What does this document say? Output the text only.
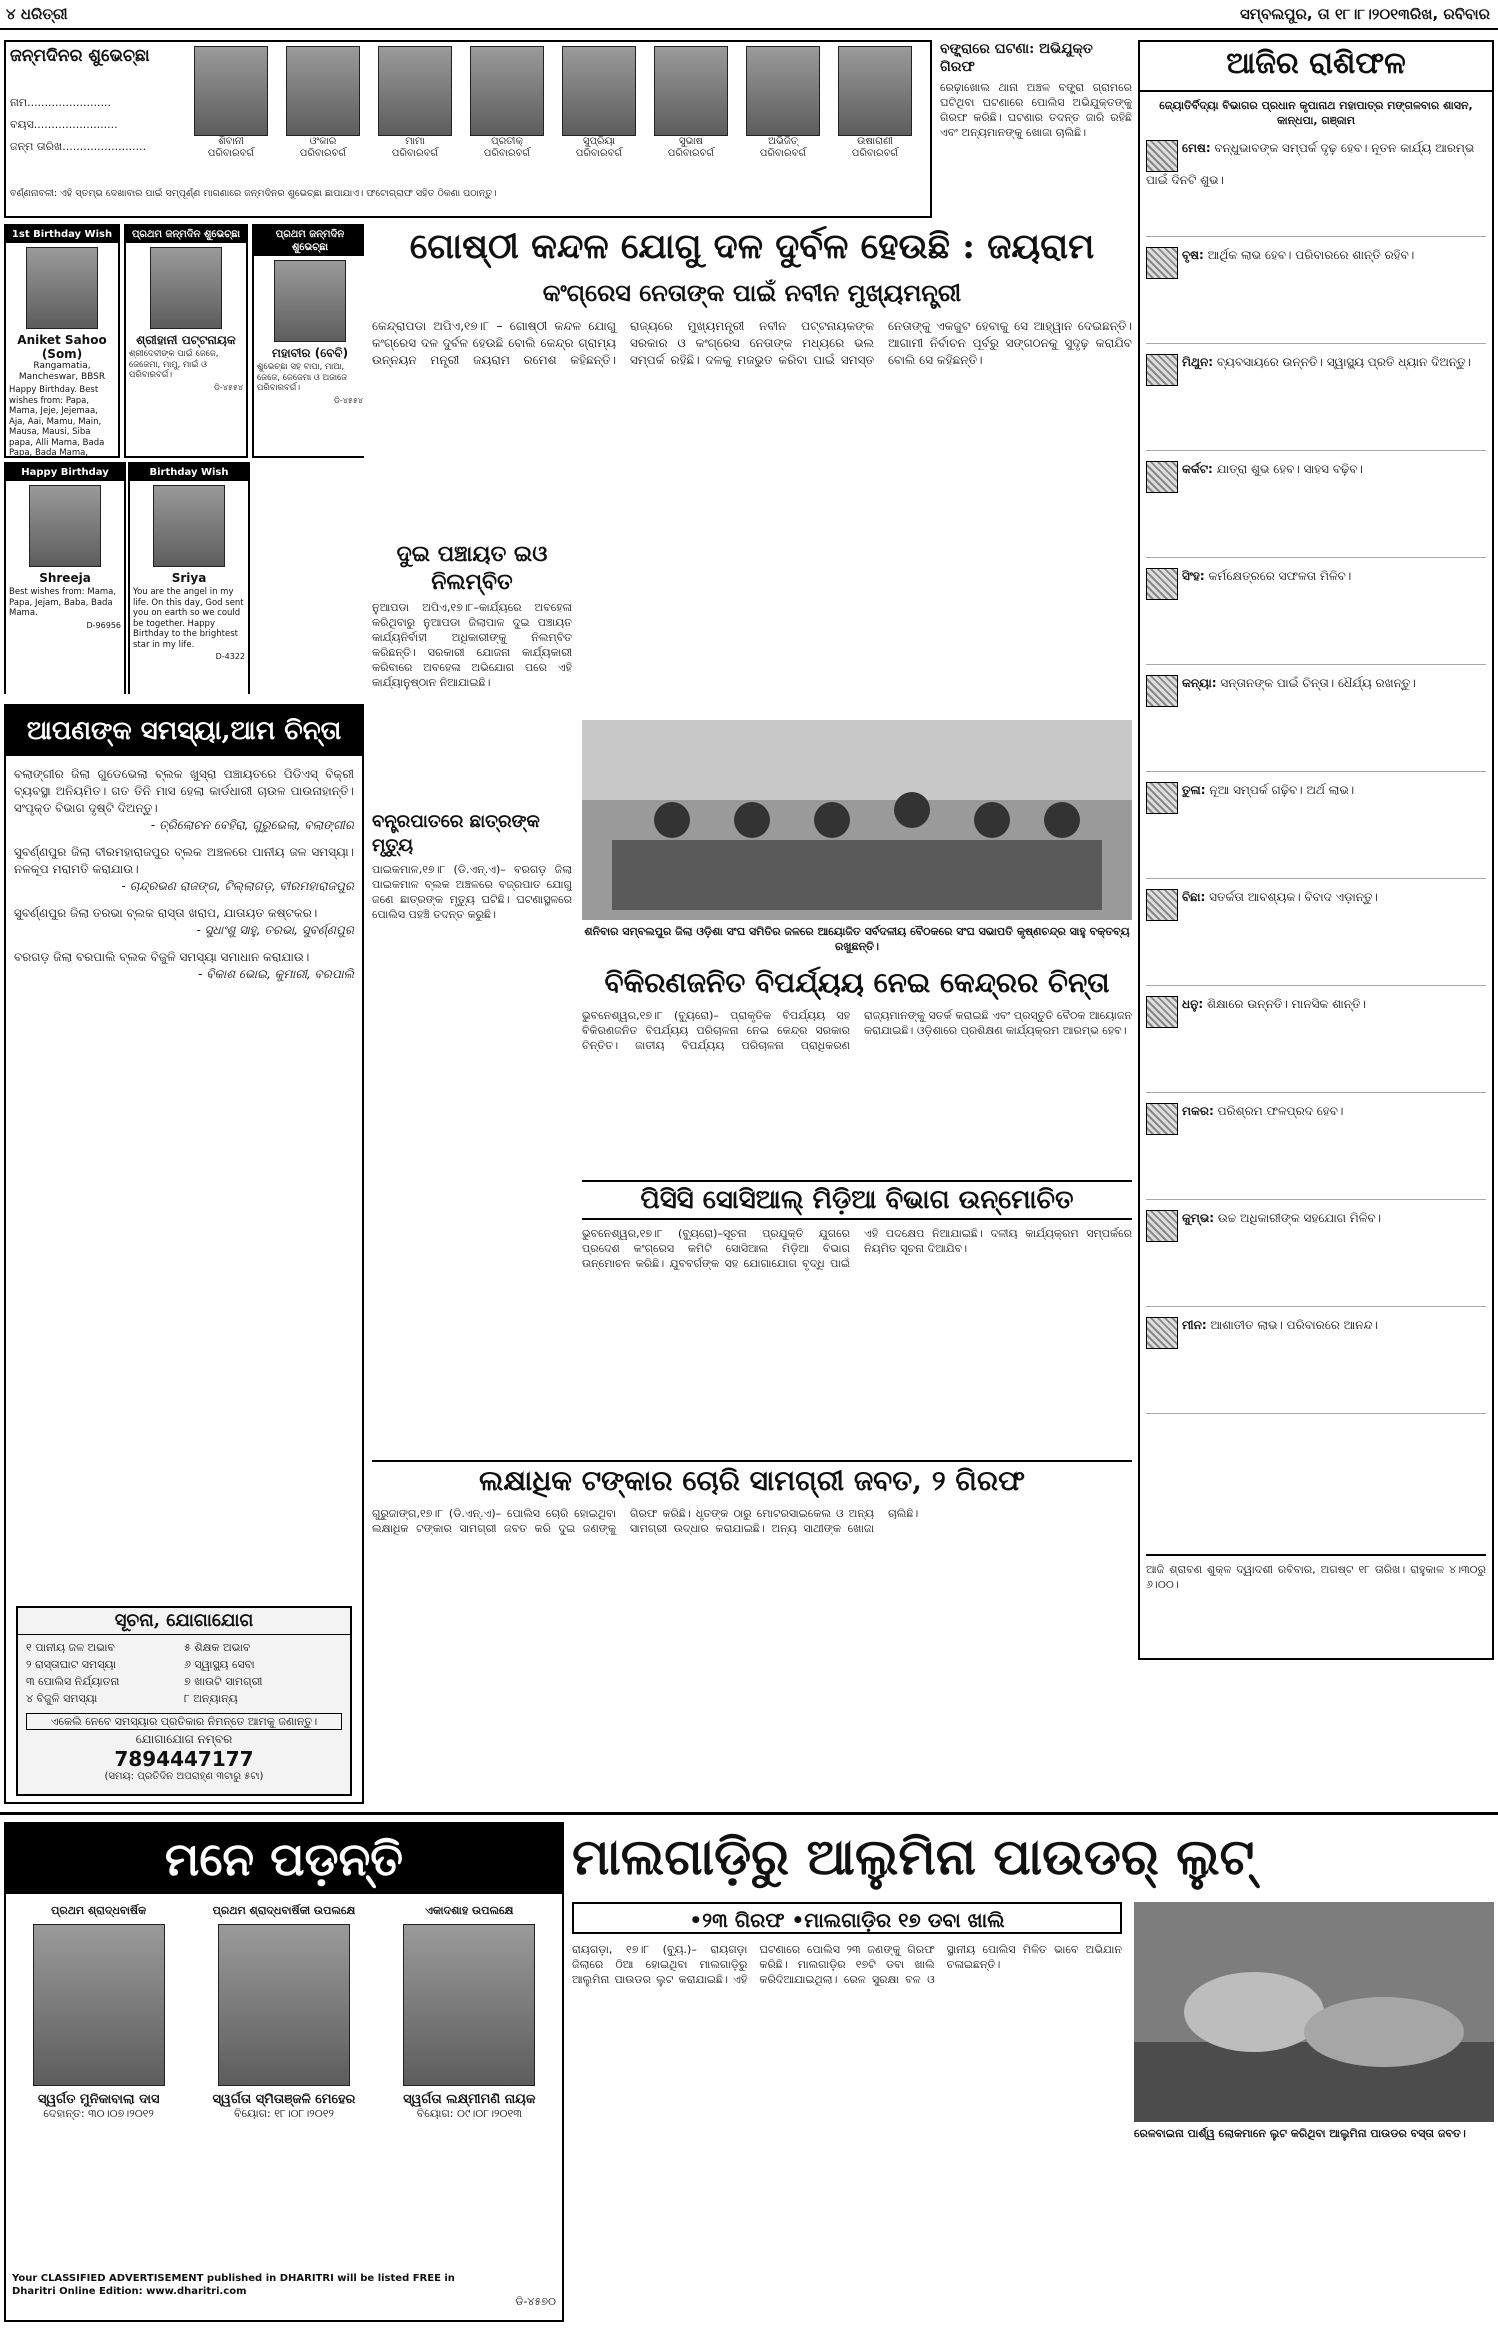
୪ ଧରିତ୍ରୀ	ସମ୍ବଲପୁର, ତା ୧୮।୮।୨୦୧୩ରିଖ, ରବିବାର
ଜନ୍ମଦିନର ଶୁଭେଚ୍ଛା
ନାମ........................
ବୟସ........................
ଜନ୍ମ ତାରିଖ........................	ଶିବାନୀ
ପରିବାରବର୍ଗ
ଓଂକାର
ପରିବାରବର୍ଗ
ମାମା
ପରିବାରବର୍ଗ
ପ୍ରତୀକ୍
ପରିବାରବର୍ଗ
ସୁପ୍ରିୟା
ପରିବାରବର୍ଗ
ସୁଭାଷ
ପରିବାରବର୍ଗ
ଅଭିଜିତ୍
ପରିବାରବର୍ଗ
ଉଷାରାଣୀ
ପରିବାରବର୍ଗ
ବର୍ଣ୍ଣନାବଳୀ: ଏହି ସ୍ତମ୍ଭ ଦେଖାବାର ପାଇଁ ସମ୍ପୂର୍ଣ୍ଣ ମାଗଣାରେ ଜନ୍ମଦିନର ଶୁଭେଚ୍ଛା ଛାପାଯାଏ। ଫଟୋଗ୍ରାଫ ସହିତ ଠିକଣା ପଠାନ୍ତୁ।
ବଙ୍କ୍ରାରେ ଘଟଣା: ଅଭିଯୁକ୍ତ ଗିରଫ
ରେଢ଼ାଖୋଲ ଥାନା ଅଞ୍ଚଳ ବଙ୍କ୍ରା ଗ୍ରାମରେ ଘଟିଥିବା ଘଟଣାରେ ପୋଲିସ ଅଭିଯୁକ୍ତଙ୍କୁ ଗିରଫ କରିଛି। ଘଟଣାର ତଦନ୍ତ ଜାରି ରହିଛି ଏବଂ ଅନ୍ୟମାନଙ୍କୁ ଖୋଜା ଚାଲିଛି।
ଆଜିର ରାଶିଫଳ
ଜ୍ୟୋତିର୍ବିଦ୍ୟା ବିଭାଗର ପ୍ରଧାନ କୃପାନାଥ ମହାପାତ୍ର ମଙ୍ଗଳବାର ଶାସନ, କାନ୍ଧପା, ଗଞ୍ଜାମ
ମେଷ: ବନ୍ଧୁଭାବଙ୍କ ସମ୍ପର୍କ ଦୃଢ଼ ହେବ। ନୂତନ କାର୍ଯ୍ୟ ଆରମ୍ଭ ପାଇଁ ଦିନଟି ଶୁଭ।
ବୃଷ: ଆର୍ଥିକ ଲାଭ ହେବ। ପରିବାରରେ ଶାନ୍ତି ରହିବ।
ମିଥୁନ: ବ୍ୟବସାୟରେ ଉନ୍ନତି। ସ୍ୱାସ୍ଥ୍ୟ ପ୍ରତି ଧ୍ୟାନ ଦିଅନ୍ତୁ।
କର୍କଟ: ଯାତ୍ରା ଶୁଭ ହେବ। ସାହସ ବଢ଼ିବ।
ସିଂହ: କର୍ମକ୍ଷେତ୍ରରେ ସଫଳତା ମିଳିବ।
କନ୍ୟା: ସନ୍ତାନଙ୍କ ପାଇଁ ଚିନ୍ତା। ଧୈର୍ଯ୍ୟ ରଖନ୍ତୁ।
ତୁଳା: ନୂଆ ସମ୍ପର୍କ ଗଢ଼ିବ। ଅର୍ଥ ଲାଭ।
ବିଛା: ସତର୍କତା ଆବଶ୍ୟକ। ବିବାଦ ଏଡ଼ାନ୍ତୁ।
ଧନୁ: ଶିକ୍ଷାରେ ଉନ୍ନତି। ମାନସିକ ଶାନ୍ତି।
ମକର: ପରିଶ୍ରମ ଫଳପ୍ରଦ ହେବ।
କୁମ୍ଭ: ଉଚ୍ଚ ଅଧିକାରୀଙ୍କ ସହଯୋଗ ମିଳିବ।
ମୀନ: ଆଶାତୀତ ଲାଭ। ପରିବାରରେ ଆନନ୍ଦ।
ଆଜି ଶ୍ରାବଣ ଶୁକ୍ଳ ଦ୍ୱାଦଶୀ ରବିବାର, ଅଗଷ୍ଟ ୧୮ ତାରିଖ। ରାହୁକାଳ ୪।୩୦ରୁ ୬।୦୦।
1st Birthday Wish
Aniket Sahoo (Som)
Rangamatia, Mancheswar, BBSR
Happy Birthday. Best wishes from: Papa, Mama, Jeje, Jejemaa, Aja, Aai, Mamu, Main, Mausa, Mausi, Siba papa, Alli Mama, Bada Papa, Bada Mama,
ପ୍ରଥମ ଜନ୍ମଦିନ ଶୁଭେଚ୍ଛା
ଶ୍ରୀହାନୀ ପଟ୍ଟନାୟକ
ଶ୍ରୀଦେବୀଙ୍କ ପାଇଁ ଜେଜେ, ଜେଜେମା, ମାମୁ, ମାଇଁ ଓ ପରିବାରବର୍ଗ।
ଡି-୪୫୫୪
ପ୍ରଥମ ଜନ୍ମଦିନ ଶୁଭେଚ୍ଛା
ମହାବୀର (ବେବି)
ଶୁଭେଚ୍ଛା ସହ ବାପା, ମାଆ, ଜେଜେ, ଜେଜେମା ଓ ଅଜାଜେ ପରିବାରବର୍ଗ।
ଡି-୪୫୫୪
Happy Birthday
Shreeja
Best wishes from: Mama, Papa, Jejam, Baba, Bada Mama.
D-96956
Birthday Wish
Sriya
You are the angel in my life. On this day, God sent you on earth so we could be together. Happy Birthday to the brightest star in my life.
D-4322
ଆପଣଙ୍କ ସମସ୍ୟା,ଆମ ଚିନ୍ତା
ବଲାଙ୍ଗୀର ଜିଲା ଗୁଡେଭେଲା ବ୍ଲକ ଖୁସ୍ରା ପଞ୍ଚାୟତରେ ପିଡିଏସ୍ ବିକ୍ରୀ ବ୍ୟବସ୍ଥା ଅନିୟମିତ। ଗତ ତିନି ମାସ ହେଲା କାର୍ଡଧାରୀ ଚାଉଳ ପାଉନାହାନ୍ତି। ସଂପୃକ୍ତ ବିଭାଗ ଦୃଷ୍ଟି ଦିଅନ୍ତୁ।
- ତ୍ରିଲୋଚନ ବେହିରା, ଗୁରୁଭେଲା, ବଲାଙ୍ଗୀର
ସୁବର୍ଣ୍ଣପୁର ଜିଲା ବୀରମହାରାଜପୁର ବ୍ଲକ ଅଞ୍ଚଳରେ ପାନୀୟ ଜଳ ସମସ୍ୟା। ନଳକୂପ ମରାମତି କରାଯାଉ।
- ଚାନ୍ଦ୍ରଭଣ ରାଜଙ୍ଗ, ଟିଲ୍ଲାଗଡ଼, ବୀରମହାରାଜପୁର
ସୁବର୍ଣ୍ଣପୁର ଜିଲା ତରଭା ବ୍ଲକ ରାସ୍ତା ଖରାପ, ଯାତାୟତ କଷ୍ଟକର।
- ସୁଧାଂଶୁ ସାହୁ, ତରଭା, ସୁବର୍ଣ୍ଣପୁର
ବରଗଡ଼ ଜିଲା ବରପାଲି ବ୍ଲକ ବିଜୁଳି ସମସ୍ୟା ସମାଧାନ କରାଯାଉ।
- ବିକାଶ ଭୋଇ, କୁମାରୀ, ବରପାଲି
ସୂଚନା, ଯୋଗାଯୋଗ
୧ ପାନୀୟ ଜଳ ଅଭାବ	୫ ଶିକ୍ଷକ ଅଭାବ
୨ ରାସ୍ତାଘାଟ ସମସ୍ୟା	୬ ସ୍ୱାସ୍ଥ୍ୟ ସେବା
୩ ପୋଲିସ ନିର୍ଯ୍ୟାତନା	୭ ଖାଉଟି ସାମଗ୍ରୀ
୪ ବିଜୁଳି ସମସ୍ୟା	୮ ଅନ୍ୟାନ୍ୟ
ଏକେଲି ନେବେ ସମସ୍ୟାର ପ୍ରତିକାର ନିମନ୍ତେ ଆମକୁ ଜଣାନ୍ତୁ।
ଯୋଗାଯୋଗ ନମ୍ବର
7894447177
(ସମୟ: ପ୍ରତିଦିନ ଅପରାହ୍ଣ ୩ଟାରୁ ୫ଟା)
ଗୋଷ୍ଠୀ କନ୍ଦଳ ଯୋଗୁ ଦଳ ଦୁର୍ବଳ ହେଉଛି : ଜୟରାମ
କଂଗ୍ରେସ ନେତାଙ୍କ ପାଇଁ ନବୀନ ମୁଖ୍ୟମନ୍ତ୍ରୀ
କେନ୍ଦ୍ରାପଡା ଅପିଏ,୧୭।୮ – ଗୋଷ୍ଠୀ କନ୍ଦଳ ଯୋଗୁ କଂଗ୍ରେସ ଦଳ ଦୁର୍ବଳ ହେଉଛି ବୋଲି କେନ୍ଦ୍ର ଗ୍ରାମ୍ୟ ଉନ୍ନୟନ ମନ୍ତ୍ରୀ ଜୟରାମ ରମେଶ କହିଛନ୍ତି। ରାଜ୍ୟରେ ମୁଖ୍ୟମନ୍ତ୍ରୀ ନବୀନ ପଟ୍ଟନାୟକଙ୍କ ସରକାର ଓ କଂଗ୍ରେସ ନେତାଙ୍କ ମଧ୍ୟରେ ଭଲ ସମ୍ପର୍କ ରହିଛି। ଦଳକୁ ମଜଭୁତ କରିବା ପାଇଁ ସମସ୍ତ ନେତାଙ୍କୁ ଏକଜୁଟ ହେବାକୁ ସେ ଆହ୍ୱାନ ଦେଇଛନ୍ତି। ଆଗାମୀ ନିର୍ବାଚନ ପୂର୍ବରୁ ସଙ୍ଗଠନକୁ ସୁଦୃଢ଼ କରାଯିବ ବୋଲି ସେ କହିଛନ୍ତି।
ଦୁଇ ପଞ୍ଚାୟତ ଇଓ ନିଲମ୍ବିତ
ନୁଆପଡା ଅପିଏ,୧୭।୮–କାର୍ଯ୍ୟରେ ଅବହେଳା କରିଥିବାରୁ ନୁଆପଡା ଜିଲାପାଳ ଦୁଇ ପଞ୍ଚାୟତ କାର୍ଯ୍ୟନିର୍ବାହୀ ଅଧିକାରୀଙ୍କୁ ନିଲମ୍ବିତ କରିଛନ୍ତି। ସରକାରୀ ଯୋଜନା କାର୍ଯ୍ୟକାରୀ କରିବାରେ ଅବହେଳା ଅଭିଯୋଗ ପରେ ଏହି କାର୍ଯ୍ୟାନୁଷ୍ଠାନ ନିଆଯାଇଛି।
ଶନିବାର ସମ୍ବଲପୁର ଜିଲା ଓଡ଼ିଶା ସଂଘ ସମିତିର ଜଳରେ ଆୟୋଜିତ ସର୍ବଦଳୀୟ ବୈଠକରେ ସଂଘ ସଭାପତି କୃଷ୍ଣଚନ୍ଦ୍ର ସାହୁ ବକ୍ତବ୍ୟ ରଖୁଛନ୍ତି।
ବନ୍ତ୍ରପାତରେ ଛାତ୍ରଙ୍କ ମୃତ୍ୟୁ
ପାଇକମାଳ,୧୭।୮ (ଡି.ଏନ୍.ଏ)– ବରଗଡ଼ ଜିଲା ପାଇକମାଳ ବ୍ଲକ ଅଞ୍ଚଳରେ ବଜ୍ରପାତ ଯୋଗୁ ଜଣେ ଛାତ୍ରଙ୍କ ମୃତ୍ୟୁ ଘଟିଛି। ଘଟଣାସ୍ଥଳରେ ପୋଲିସ ପହଞ୍ଚି ତଦନ୍ତ କରୁଛି।
ବିକିରଣଜନିତ ବିପର୍ଯ୍ୟୟ ନେଇ କେନ୍ଦ୍ରର ଚିନ୍ତା
ଭୁବନେଶ୍ୱର,୧୭।୮ (ବ୍ୟୁରୋ)– ପ୍ରାକୃତିକ ବିପର୍ଯ୍ୟୟ ସହ ବିକିରଣଜନିତ ବିପର୍ଯ୍ୟୟ ପରିଚାଳନା ନେଇ କେନ୍ଦ୍ର ସରକାର ଚିନ୍ତିତ। ଜାତୀୟ ବିପର୍ଯ୍ୟୟ ପରିଚାଳନା ପ୍ରାଧିକରଣ ରାଜ୍ୟମାନଙ୍କୁ ସତର୍କ କରାଇଛି ଏବଂ ପ୍ରସ୍ତୁତି ବୈଠକ ଆୟୋଜନ କରାଯାଇଛି। ଓଡ଼ିଶାରେ ପ୍ରଶିକ୍ଷଣ କାର୍ଯ୍ୟକ୍ରମ ଆରମ୍ଭ ହେବ।
ପିସିସି ସୋସିଆଲ୍ ମିଡ଼ିଆ ବିଭାଗ ଉନ୍ମୋଚିତ
ଭୁବନେଶ୍ୱର,୧୭।୮ (ବ୍ୟୁରୋ)–ସୂଚନା ପ୍ରଯୁକ୍ତି ଯୁଗରେ ପ୍ରଦେଶ କଂଗ୍ରେସ କମିଟି ସୋସିଆଲ ମିଡ଼ିଆ ବିଭାଗ ଉନ୍ମୋଚନ କରିଛି। ଯୁବବର୍ଗଙ୍କ ସହ ଯୋଗାଯୋଗ ବୃଦ୍ଧି ପାଇଁ ଏହି ପଦକ୍ଷେପ ନିଆଯାଇଛି। ଦଳୀୟ କାର୍ଯ୍ୟକ୍ରମ ସମ୍ପର୍କରେ ନିୟମିତ ସୂଚନା ଦିଆଯିବ।
ଲକ୍ଷାଧିକ ଟଙ୍କାର ଚୋରି ସାମଗ୍ରୀ ଜବତ, ୨ ଗିରଫ
ଗୁରୁଜାଙ୍ଗ,୧୭।୮ (ଡି.ଏନ୍.ଏ)– ପୋଲିସ ଚୋରି ହୋଇଥିବା ଲକ୍ଷାଧିକ ଟଙ୍କାର ସାମଗ୍ରୀ ଜବତ କରି ଦୁଇ ଜଣଙ୍କୁ ଗିରଫ କରିଛି। ଧୃତଙ୍କ ଠାରୁ ମୋଟରସାଇକେଲ ଓ ଅନ୍ୟ ସାମଗ୍ରୀ ଉଦ୍ଧାର କରାଯାଇଛି। ଅନ୍ୟ ସାଥୀଙ୍କ ଖୋଜା ଚାଲିଛି।
ମନେ ପଡ଼ନ୍ତି
ପ୍ରଥମ ଶ୍ରାଦ୍ଧବାର୍ଷିକ
ସ୍ୱର୍ଗତ ମୁନିକାବାଲା ଦାସ
ଦେହାନ୍ତ: ୩୦।୦୭।୨୦୧୨
ପ୍ରଥମ ଶ୍ରାଦ୍ଧବାର୍ଷିକୀ ଉପଲକ୍ଷେ
ସ୍ୱର୍ଗତା ସ୍ମିତାଞ୍ଜଳି ମେହେର
ବିୟୋଗ: ୧୮।୦୮।୨୦୧୨
ଏକାଦଶାହ ଉପଲକ୍ଷେ
ସ୍ୱର୍ଗତା ଲକ୍ଷ୍ମୀମଣି ନାୟକ
ବିୟୋଗ: ୦୯।୦୮।୨୦୧୩
Your CLASSIFIED ADVERTISEMENT published in DHARITRI will be listed FREE in Dharitri Online Edition: www.dharitri.com
ଡି-୪୫୭୦
ମାଲଗାଡ଼ିରୁ ଆଲୁମିନା ପାଉଡର୍ ଲୁଟ୍
•୨୩ ଗିରଫ •ମାଲଗାଡ଼ିର ୧୭ ଡବା ଖାଲି
ରାୟଗଡ଼ା, ୧୭।୮ (ବ୍ୟୁ.)– ରାୟଗଡ଼ା ଜିଲାରେ ଠିଆ ହୋଇଥିବା ମାଲଗାଡ଼ିରୁ ଆଲୁମିନା ପାଉଡର ଲୁଟ କରାଯାଇଛି। ଏହି ଘଟଣାରେ ପୋଲିସ ୨୩ ଜଣଙ୍କୁ ଗିରଫ କରିଛି। ମାଲଗାଡ଼ିର ୧୭ଟି ଡବା ଖାଲି କରିଦିଆଯାଇଥିଲା। ରେଳ ସୁରକ୍ଷା ବଳ ଓ ସ୍ଥାନୀୟ ପୋଲିସ ମିଳିତ ଭାବେ ଅଭିଯାନ ଚଳାଇଛନ୍ତି।
ରେଳବାଇନା ପାର୍ଶ୍ୱ ଲୋକମାନେ ଲୁଟ କରିଥିବା ଆଲୁମିନା ପାଉଡର ବସ୍ତା ଜବତ।
